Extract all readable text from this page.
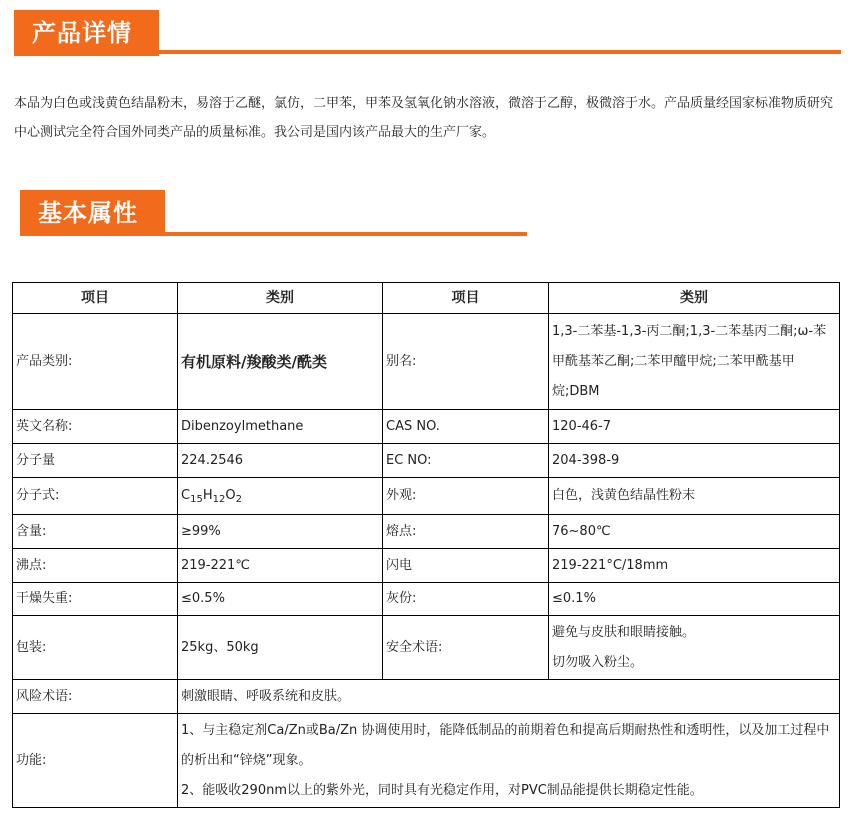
产品详情
本品为白色或浅黄色结晶粉末，易溶于乙醚，氯仿，二甲苯，甲苯及氢氧化钠水溶液，微溶于乙醇，极微溶于水。产品质量经国家标准物质研究中心测试完全符合国外同类产品的质量标准。我公司是国内该产品最大的生产厂家。
基本属性
项目	类别	项目	类别
产品类别:	有机原料/羧酸类/酰类	别名:	1,3-二苯基-1,3-丙二酮;1,3-二苯基丙二酮;ω-苯甲酰基苯乙酮;二苯甲醯甲烷;二苯甲酰基甲烷;DBM
英文名称:	Dibenzoylmethane	CAS NO.	120-46-7
分子量	224.2546	EC NO:	204-398-9
分子式:	$C_{15}H_{12}O_2$	外观:	白色，浅黄色结晶性粉末
含量:	≥99%	熔点:	76~80℃
沸点:	219-221℃	闪电	219-221°C/18mm
干燥失重:	≤0.5%	灰份:	≤0.1%
包装:	25kg、50kg	安全术语:	避免与皮肤和眼睛接触。
切勿吸入粉尘。

风险术语:	刺激眼睛、呼吸系统和皮肤。		
功能:	1、与主稳定剂Ca/Zn或Ba/Zn 协调使用时，能降低制品的前期着色和提高后期耐热性和透明性，以及加工过程中的析出和“锌烧”现象。
2、能吸收290nm以上的紫外光，同时具有光稳定作用，对PVC制品能提供长期稳定性能。		
